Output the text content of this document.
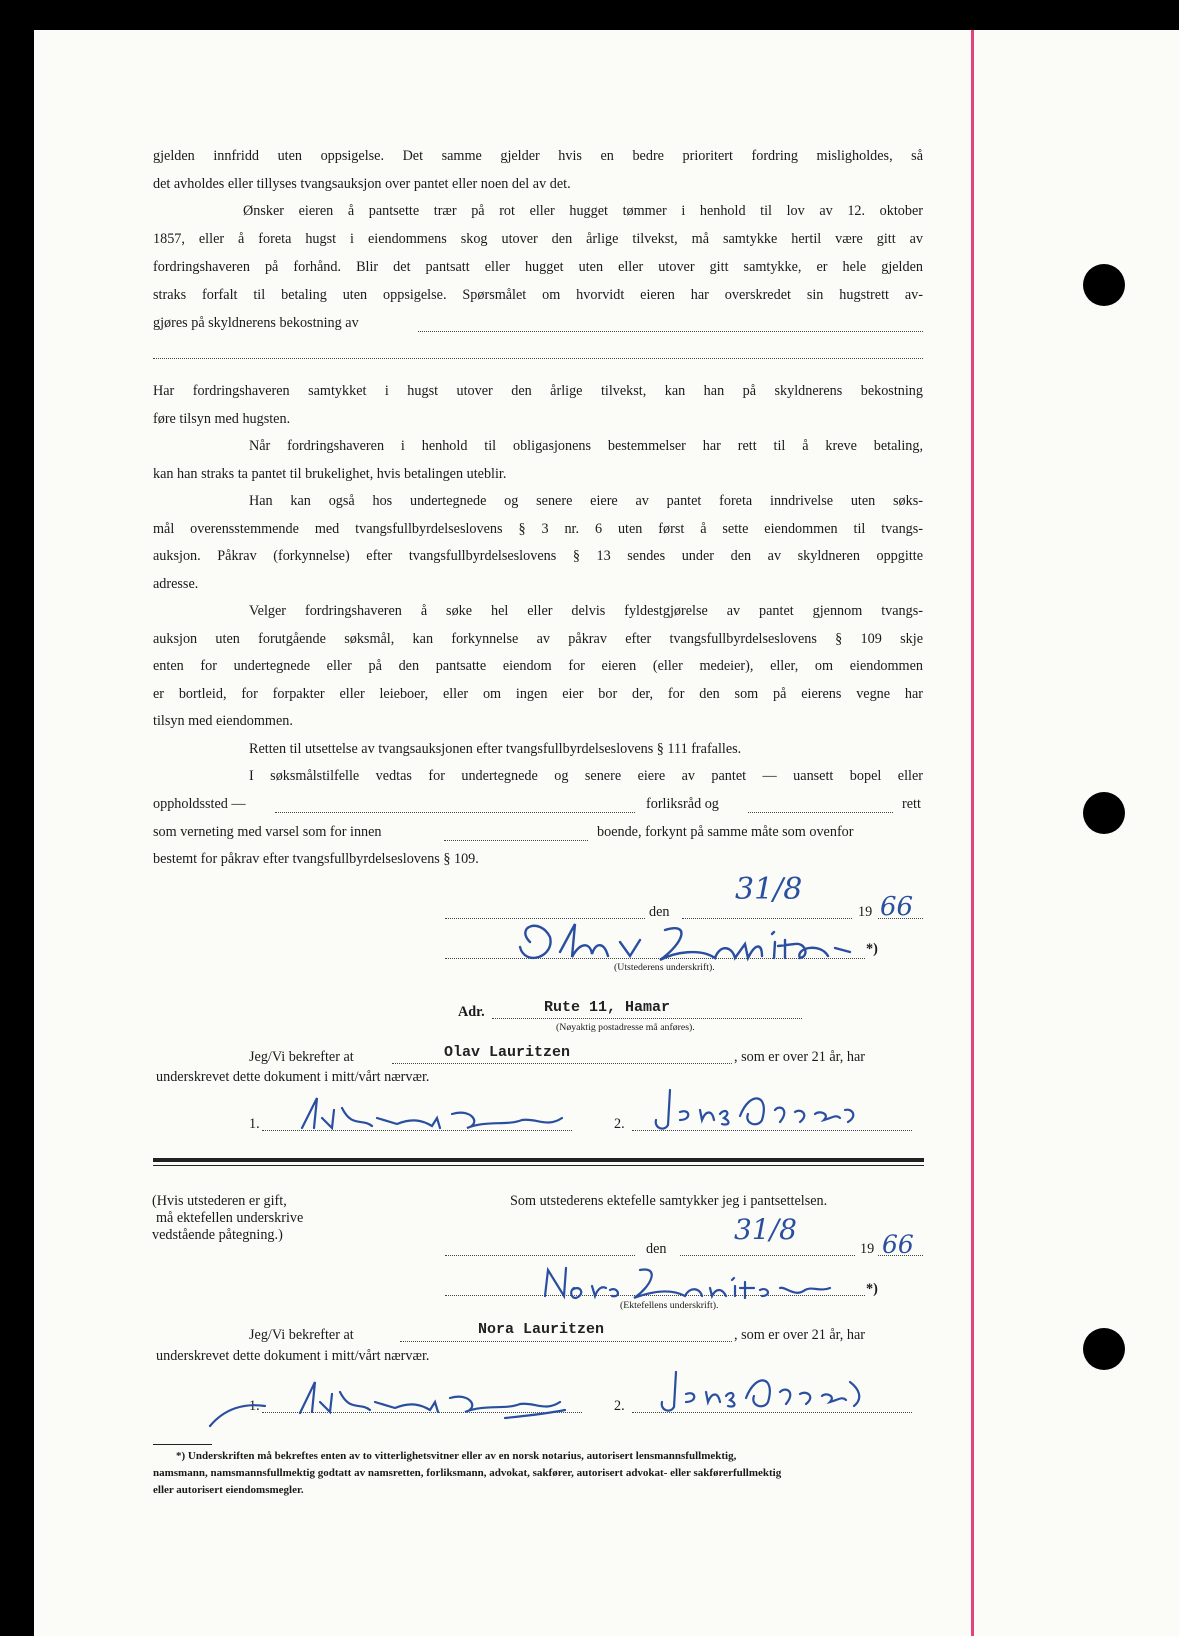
gjelden innfridd uten oppsigelse. Det samme gjelder hvis en bedre prioritert fordring misligholdes, så
det avholdes eller tillyses tvangsauksjon over pantet eller noen del av det.
Ønsker eieren å pantsette trær på rot eller hugget tømmer i henhold til lov av 12. oktober
1857, eller å foreta hugst i eiendommens skog utover den årlige tilvekst, må samtykke hertil være gitt av
fordringshaveren på forhånd. Blir det pantsatt eller hugget uten eller utover gitt samtykke, er hele gjelden
straks forfalt til betaling uten oppsigelse. Spørsmålet om hvorvidt eieren har overskredet sin hugstrett av-
gjøres på skyldnerens bekostning av
Har fordringshaveren samtykket i hugst utover den årlige tilvekst, kan han på skyldnerens bekostning
føre tilsyn med hugsten.
Når fordringshaveren i henhold til obligasjonens bestemmelser har rett til å kreve betaling,
kan han straks ta pantet til brukelighet, hvis betalingen uteblir.
Han kan også hos undertegnede og senere eiere av pantet foreta inndrivelse uten søks-
mål overensstemmende med tvangsfullbyrdelseslovens § 3 nr. 6 uten først å sette eiendommen til tvangs-
auksjon. Påkrav (forkynnelse) efter tvangsfullbyrdelseslovens § 13 sendes under den av skyldneren oppgitte
adresse.
Velger fordringshaveren å søke hel eller delvis fyldestgjørelse av pantet gjennom tvangs-
auksjon uten forutgående søksmål, kan forkynnelse av påkrav efter tvangsfullbyrdelseslovens § 109 skje
enten for undertegnede eller på den pantsatte eiendom for eieren (eller medeier), eller, om eiendommen
er bortleid, for forpakter eller leieboer, eller om ingen eier bor der, for den som på eierens vegne har
tilsyn med eiendommen.
Retten til utsettelse av tvangsauksjonen efter tvangsfullbyrdelseslovens § 111 frafalles.
I søksmålstilfelle vedtas for undertegnede og senere eiere av pantet — uansett bopel eller
oppholdssted —	forliksråd og	rett
som verneting med varsel som for innen	boende, forkynt på samme måte som ovenfor
bestemt for påkrav efter tvangsfullbyrdelseslovens § 109.
den
31/8
19 66
*)
(Utstederens underskrift).
Adr.	Rute 11, Hamar
(Nøyaktig postadresse må anføres).
Jeg/Vi bekrefter at	Olav Lauritzen	, som er over 21 år, har
underskrevet dette dokument i mitt/vårt nærvær.
1.	2.
(Hvis utstederen er gift,
må ektefellen underskrive
vedstående påtegning.)
Som utstederens ektefelle samtykker jeg i pantsettelsen.
den
31/8
19 66
*)
(Ektefellens underskrift).
Jeg/Vi bekrefter at	Nora Lauritzen	, som er over 21 år, har
underskrevet dette dokument i mitt/vårt nærvær.
1.	2.
*) Underskriften må bekreftes enten av to vitterlighetsvitner eller av en norsk notarius, autorisert lensmannsfullmektig,
namsmann, namsmannsfullmektig godtatt av namsretten, forliksmann, advokat, sakfører, autorisert advokat- eller sakførerfullmektig
eller autorisert eiendomsmegler.
